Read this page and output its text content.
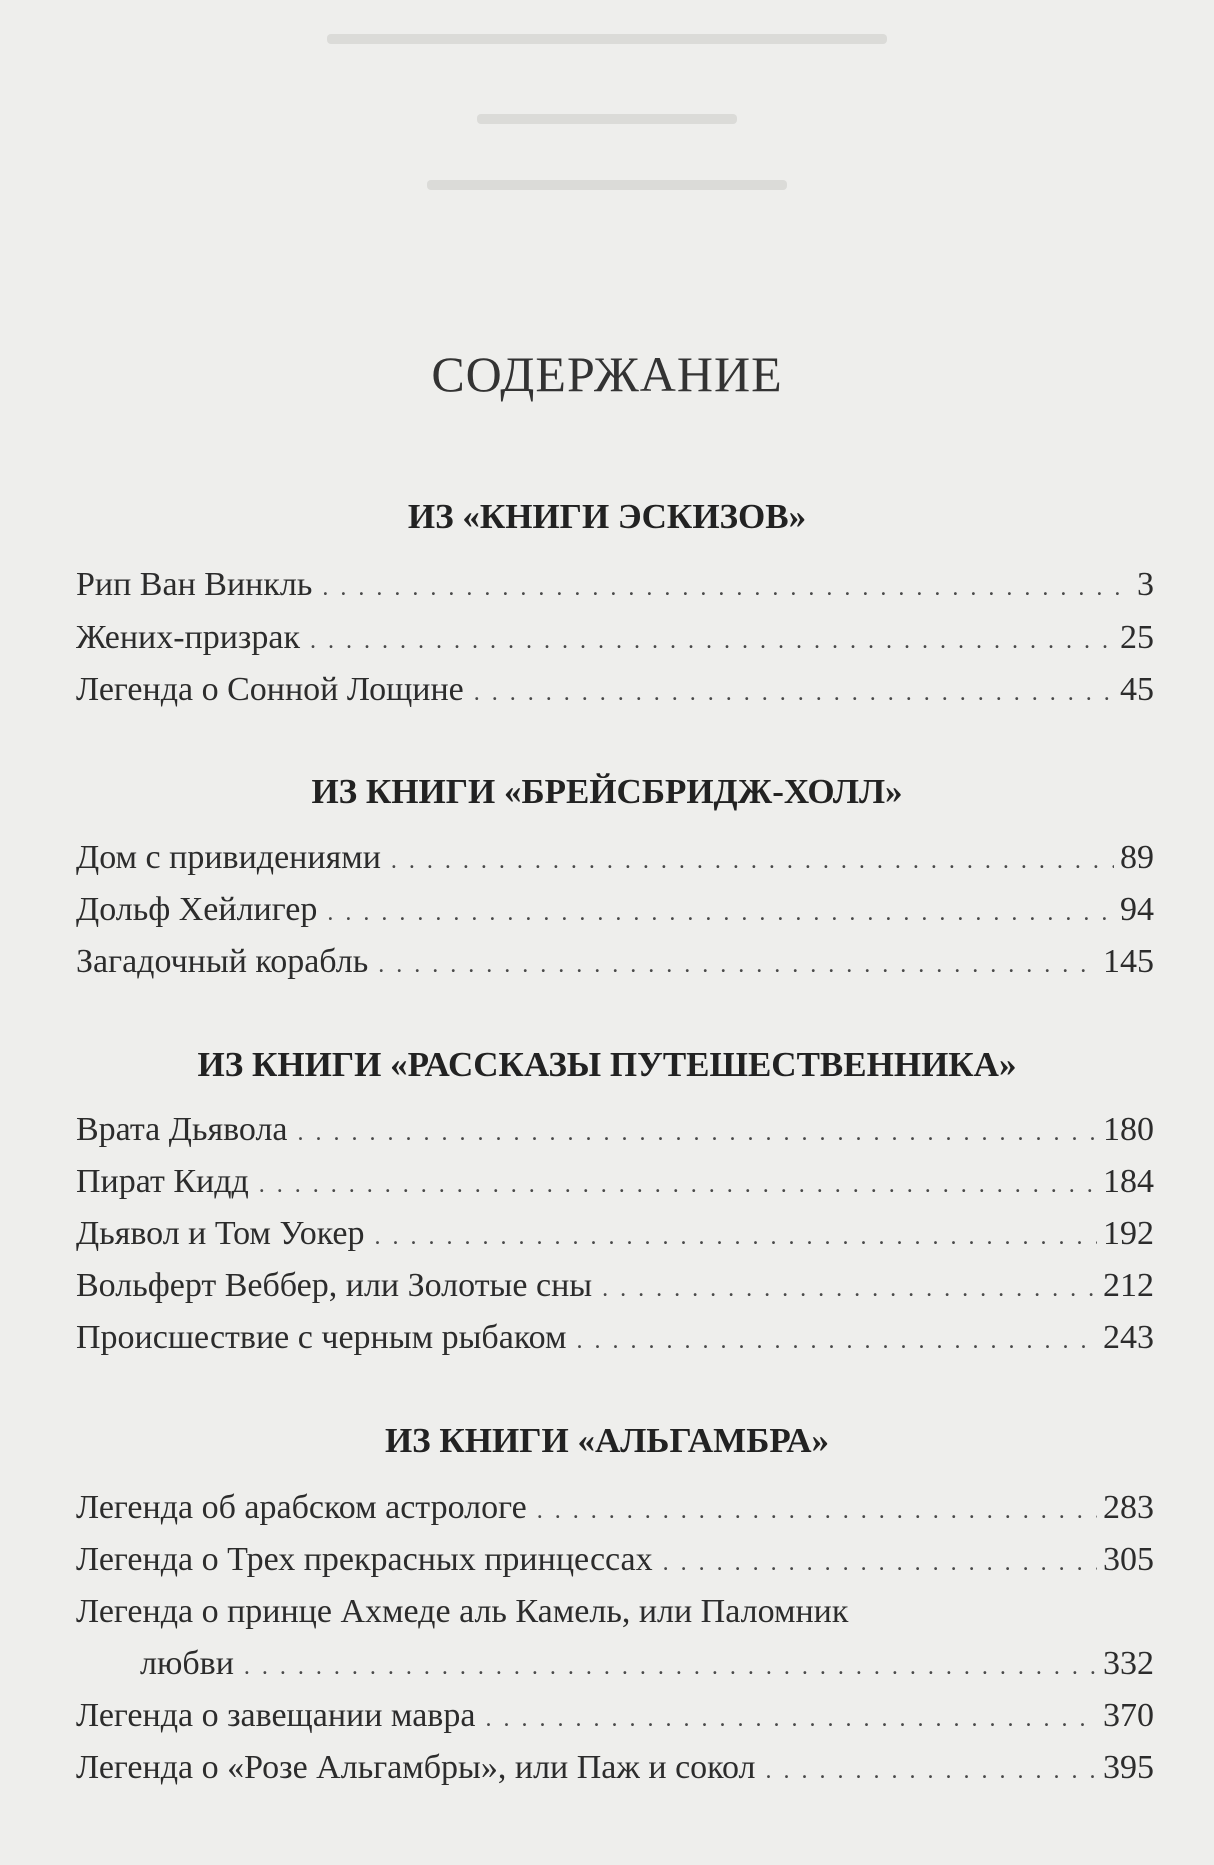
СОДЕРЖАНИЕ
ИЗ «КНИГИ ЭСКИЗОВ»
Рип Ван Винкль . . .	3
Жених-призрак . . .	25
Легенда о Сонной Лощине . . .	45
ИЗ КНИГИ «БРЕЙСБРИДЖ-ХОЛЛ»
Дом с привидениями . . .	89
Дольф Хейлигер . . .	94
Загадочный корабль . . .	145
ИЗ КНИГИ «РАССКАЗЫ ПУТЕШЕСТВЕННИКА»
Врата Дьявола . . .	180
Пират Кидд . . .	184
Дьявол и Том Уокер . . .	192
Вольферт Веббер, или Золотые сны . . .	212
Происшествие с черным рыбаком . . .	243
ИЗ КНИГИ «АЛЬГАМБРА»
Легенда об арабском астрологе . . .	283
Легенда о Трех прекрасных принцессах . . .	305
Легенда о принце Ахмеде аль Камель, или Паломник
любви . . .	332
Легенда о завещании мавра . . .	370
Легенда о «Розе Альгамбры», или Паж и сокол . . .	395
